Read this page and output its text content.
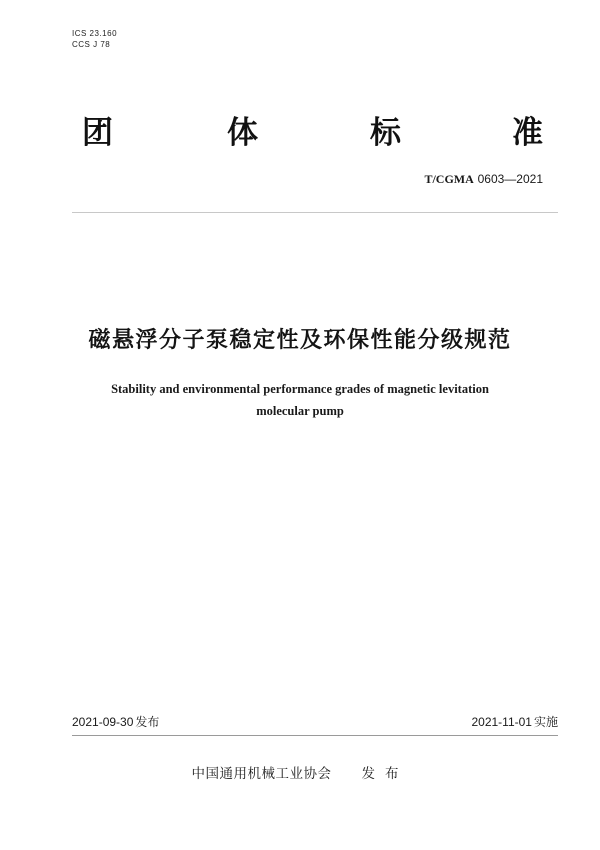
ICS 23.160
CCS J 78
团	体	标	准
T/CGMA 0603—2021
磁悬浮分子泵稳定性及环保性能分级规范
Stability and environmental performance grades of magnetic levitation
molecular pump
2021-09-30 发布	2021-11-01 实施
中国通用机械工业协会 发布
